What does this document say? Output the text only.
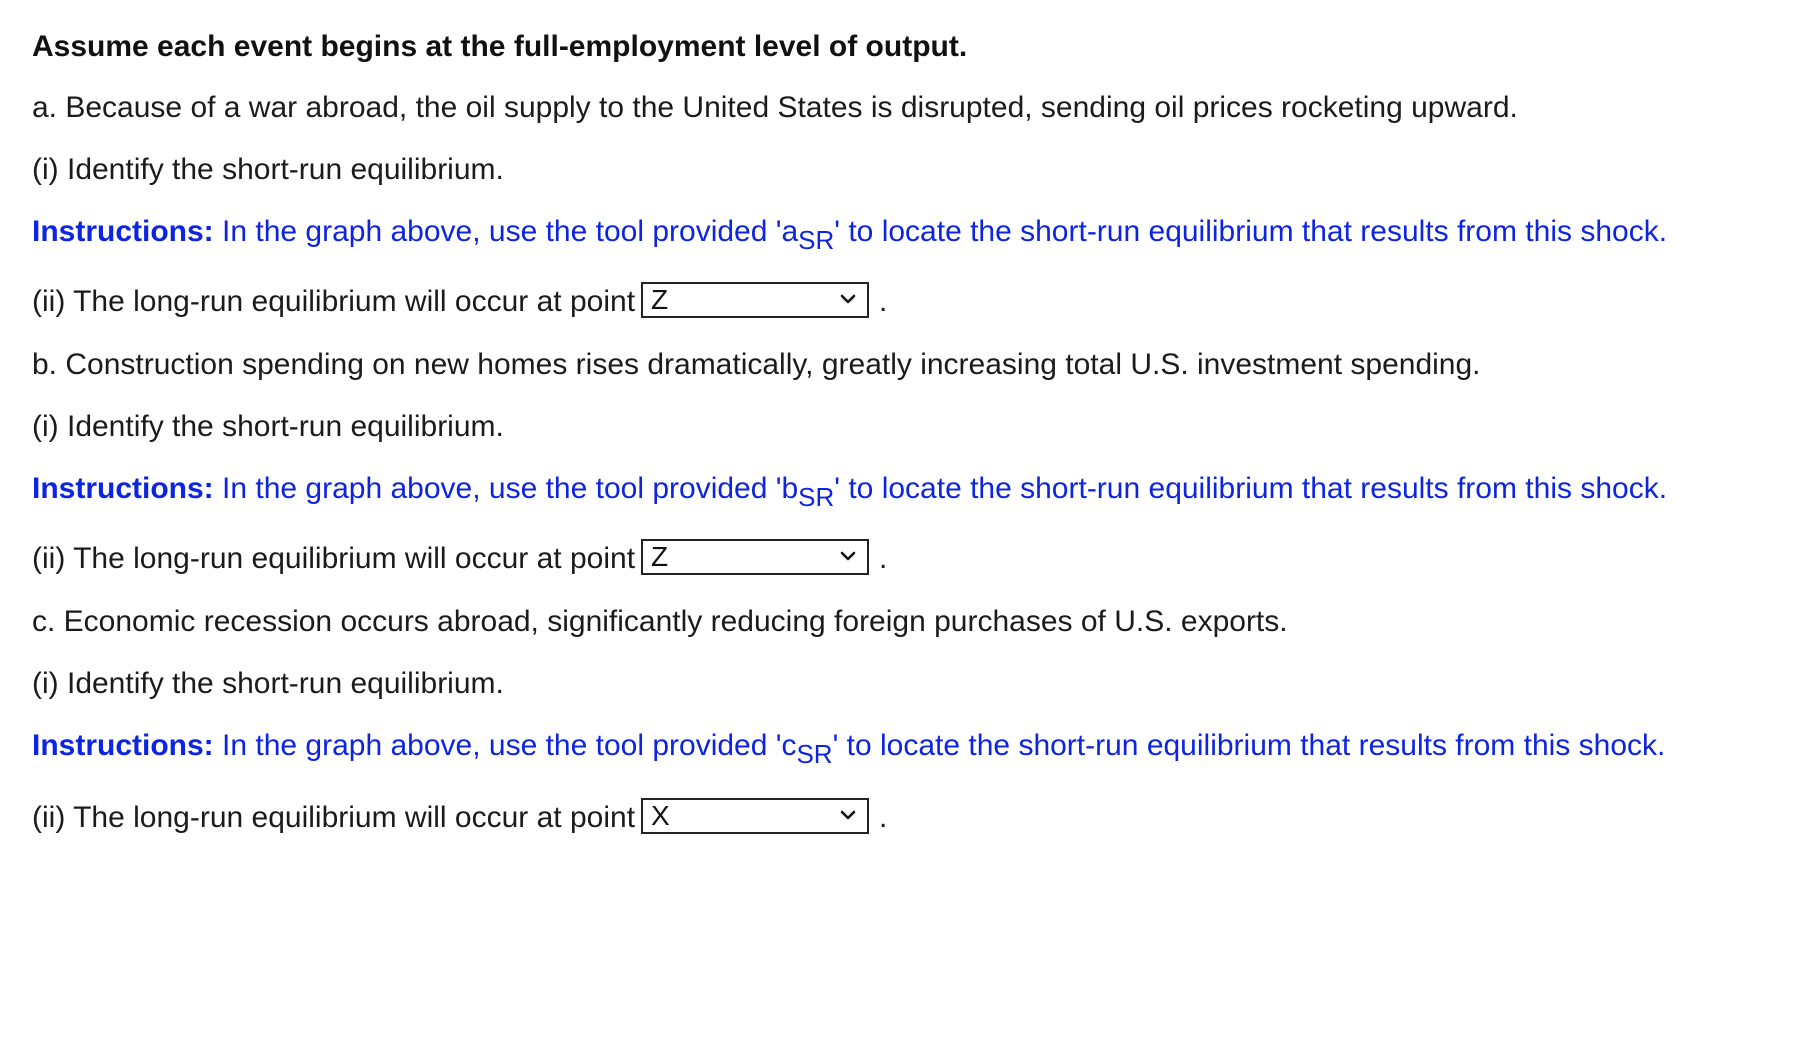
Assume each event begins at the full-employment level of output.
a. Because of a war abroad, the oil supply to the United States is disrupted, sending oil prices rocketing upward.
(i) Identify the short-run equilibrium.
Instructions: In the graph above, use the tool provided 'aSR' to locate the short-run equilibrium that results from this shock.
(ii) The long-run equilibrium will occur at point Z	.
b. Construction spending on new homes rises dramatically, greatly increasing total U.S. investment spending.
(i) Identify the short-run equilibrium.
Instructions: In the graph above, use the tool provided 'bSR' to locate the short-run equilibrium that results from this shock.
(ii) The long-run equilibrium will occur at point Z	.
c. Economic recession occurs abroad, significantly reducing foreign purchases of U.S. exports.
(i) Identify the short-run equilibrium.
Instructions: In the graph above, use the tool provided 'cSR' to locate the short-run equilibrium that results from this shock.
(ii) The long-run equilibrium will occur at point X	.
